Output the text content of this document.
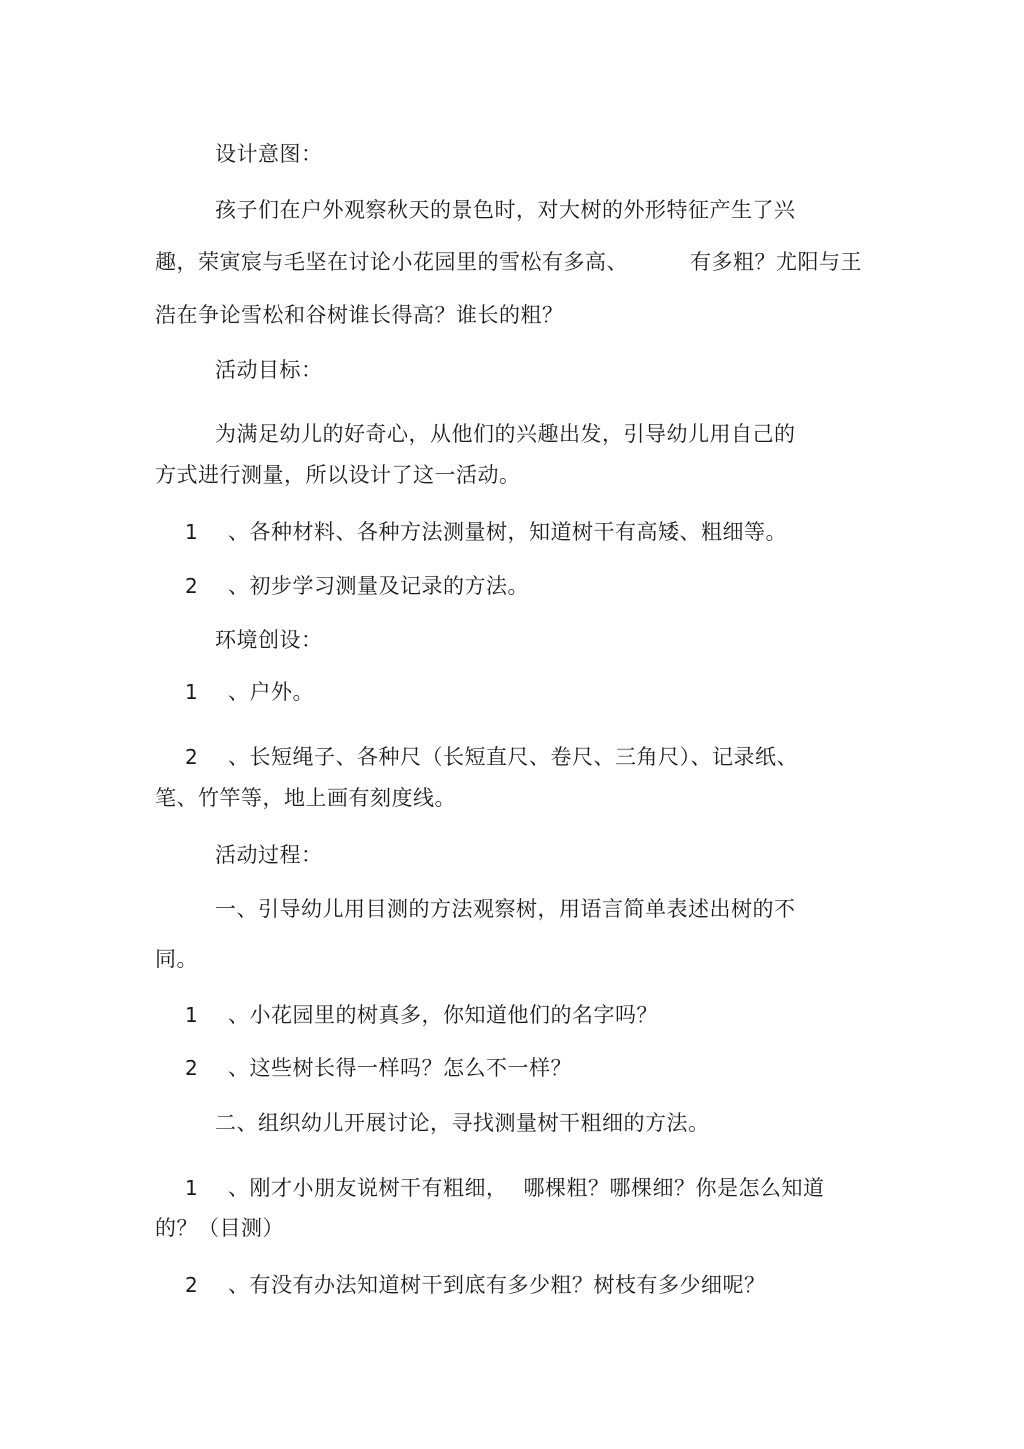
设计意图：
孩子们在户外观察秋天的景色时，对大树的外形特征产生了兴
趣，荣寅宸与毛坚在讨论小花园里的雪松有多高、	有多粗？尤阳与王
浩在争论雪松和谷树谁长得高？谁长的粗？
活动目标：
为满足幼儿的好奇心，从他们的兴趣出发，引导幼儿用自己的
方式进行测量，所以设计了这一活动。
1 、各种材料、各种方法测量树，知道树干有高矮、粗细等。
2 、初步学习测量及记录的方法。
环境创设：
1 、户外。
2 、长短绳子、各种尺（长短直尺、卷尺、三角尺）、记录纸、
笔、竹竿等，地上画有刻度线。
活动过程：
一、引导幼儿用目测的方法观察树，用语言简单表述出树的不
同。
1 、小花园里的树真多，你知道他们的名字吗？
2 、这些树长得一样吗？怎么不一样？
二、组织幼儿开展讨论，寻找测量树干粗细的方法。
1 、刚才小朋友说树干有粗细， 哪棵粗？哪棵细？你是怎么知道
的？（目测）
2 、有没有办法知道树干到底有多少粗？树枝有多少细呢？
